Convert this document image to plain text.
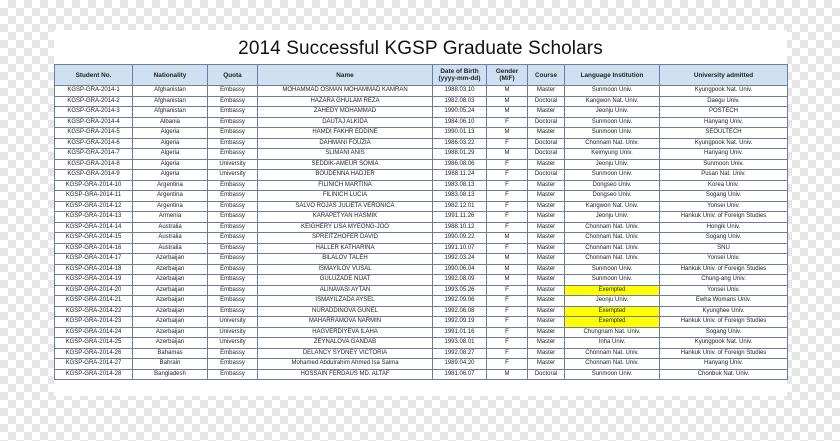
2014 Successful KGSP Graduate Scholars
Student No.	Nationality	Quota	Name	Date of Birth (yyyy-mm-dd)	Gender (M/F)	Course	Language Institution	University admitted
KGSP-GRA-2014-1	Afghanistan	Embassy	MOHAMMAD OSMAN MOHAMMAD KAMRAN	1988.03.10	M	Master	Sunmoon Univ.	Kyungpook Nat. Univ.
KGSP-GRA-2014-2	Afghanistan	Embassy	HAZARA GHULAM REZA	1982.08.03	M	Doctoral	Kangwon Nat. Univ.	Daegu Univ.
KGSP-GRA-2014-3	Afghanistan	Embassy	ZAHEDY MOHAMMAD	1990.05.24	M	Master	Jeonju Univ.	POSTECH
KGSP-GRA-2014-4	Albania	Embassy	DAUTAJ ALKIDA	1984.06.10	F	Doctoral	Sunmoon Univ.	Hanyang Univ.
KGSP-GRA-2014-5	Algeria	Embassy	HAMDI FAKHR EDDINE	1990.01.13	M	Master	Sunmoon Univ.	SEOULTECH
KGSP-GRA-2014-6	Algeria	Embassy	DAHMANI FOUZIA	1986.03.22	F	Doctoral	Chonnam Nat. Univ.	Kyungpook Nat. Univ.
KGSP-GRA-2014-7	Algeria	Embassy	SLIMANI ANIS	1988.01.29	M	Doctoral	Keimyung Univ.	Hanyang Univ.
KGSP-GRA-2014-8	Algeria	University	SEDDIK-AMEUR SOMIA	1986.08.06	F	Master	Jeonju Univ.	Sunmoon Univ.
KGSP-GRA-2014-9	Algeria	University	BOUDENNA HADJER	1988.11.24	F	Doctoral	Sunmoon Univ.	Pusan Nat. Univ.
KGSP-GRA-2014-10	Argentina	Embassy	FILINICH MARTINA	1983.08.13	F	Master	Dongseo Univ.	Korea Univ.
KGSP-GRA-2014-11	Argentina	Embassy	FILINICH LUCIA	1983.08.13	F	Master	Dongseo Univ.	Sogang Univ.
KGSP-GRA-2014-12	Argentina	Embassy	SALVO ROJAS JULIETA VERONICA	1982.12.01	F	Master	Kangwon Nat. Univ.	Yonsei Univ.
KGSP-GRA-2014-13	Armenia	Embassy	KARAPETYAN HASMIK	1991.11.26	F	Master	Jeonju Univ.	Hankuk Univ. of Foreign Studies
KGSP-GRA-2014-14	Australia	Embassy	KEIGHERY LISA MYEONG-JOO	1988.10.12	F	Master	Chonnam Nat. Univ.	Hongik Univ.
KGSP-GRA-2014-15	Australia	Embassy	SPREITZHOFER DAVID	1990.09.22	M	Master	Chonnam Nat. Univ.	Sogang Univ.
KGSP-GRA-2014-16	Australia	Embassy	HALLER KATHARINA	1991.10.07	F	Master	Chonnam Nat. Univ.	SNU
KGSP-GRA-2014-17	Azerbaijan	Embassy	BILALOV TALEH	1992.03.24	M	Master	Chonnam Nat. Univ.	Yonsei Univ.
KGSP-GRA-2014-18	Azerbaijan	Embassy	ISMAYILOV VUSAL	1990.06.04	M	Master	Sunmoon Univ.	Hankuk Univ. of Foreign Studies
KGSP-GRA-2014-19	Azerbaijan	Embassy	GULUZADE NIJAT	1992.08.09	M	Master	Sunmoon Univ.	Chung-ang Univ.
KGSP-GRA-2014-20	Azerbaijan	Embassy	ALINAVASI AYTAN	1993.05.26	F	Master	Exempted	Yonsei Univ.
KGSP-GRA-2014-21	Azerbaijan	Embassy	ISMAYILZADA AYSEL	1992.09.06	F	Master	Jeonju Univ.	Ewha Womans Univ.
KGSP-GRA-2014-22	Azerbaijan	Embassy	NURADDINOVA GUNEL	1992.06.08	F	Master	Exempted	Kyunghee Univ.
KGSP-GRA-2014-23	Azerbaijan	University	MAHARRAMOVA NARMIN	1992.09.19	F	Master	Exempted	Hankuk Univ. of Foreign Studies
KGSP-GRA-2014-24	Azerbaijan	University	HAGVERDIYEVA ILAHA	1991.01.16	F	Master	Chungnam Nat. Univ.	Sogang Univ.
KGSP-GRA-2014-25	Azerbaijan	University	ZEYNALOVA GANDAB	1993.08.01	F	Master	Inha Univ.	Kyungpook Nat. Univ.
KGSP-GRA-2014-26	Bahamas	Embassy	DELANCY SYDNEY VICTORIA	1992.08.27	F	Master	Chonnam Nat. Univ.	Hankuk Univ. of Foreign Studies
KGSP-GRA-2014-27	Bahrain	Embassy	Mohamed Abdulrahim Ahmed Isa Salma	1989.04.20	F	Master	Chonnam Nat. Univ.	Hanyang Univ.
KGSP-GRA-2014-28	Bangladesh	Embassy	HOSSAIN FERDAUS MD. ALTAF	1981.06.07	M	Doctoral	Sunmoon Univ.	Chonbuk Nat. Univ.
